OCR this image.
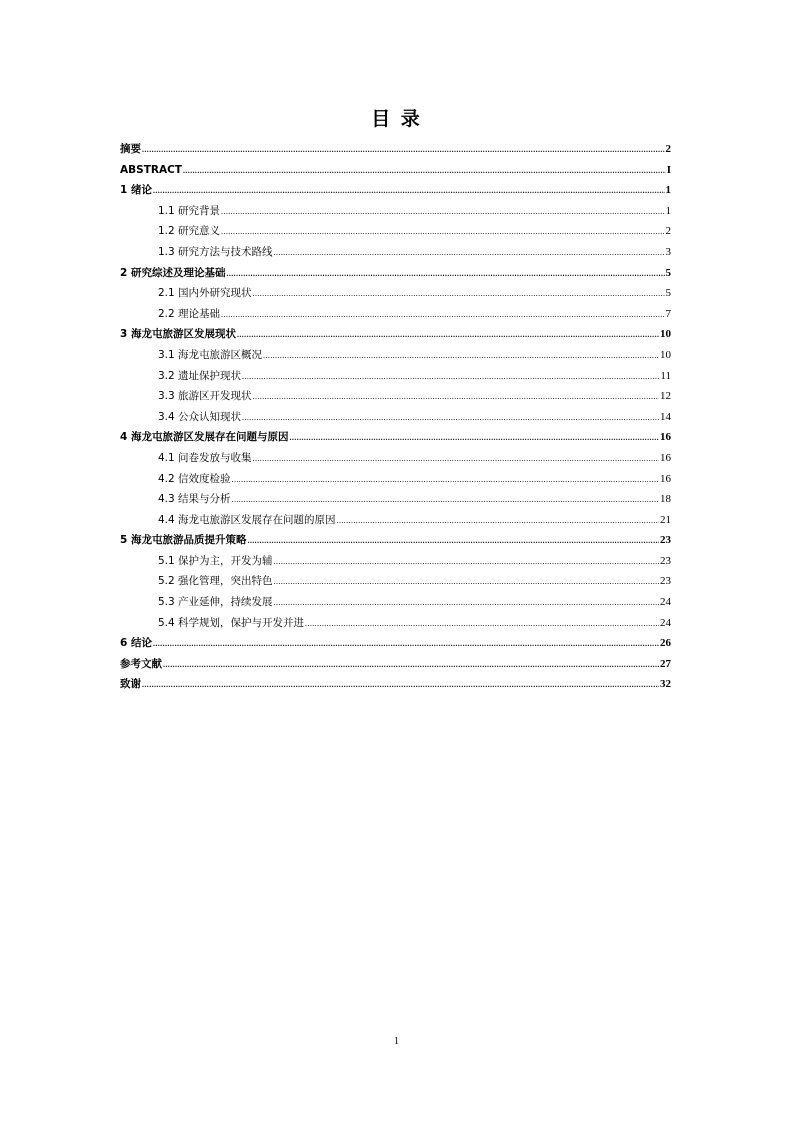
目 录
摘要 .....	2
ABSTRACT .....	I
1 绪论 .....	1
1.1 研究背景 .....	1
1.2 研究意义 .....	2
1.3 研究方法与技术路线 .....	3
2 研究综述及理论基础 .....	5
2.1 国内外研究现状 .....	5
2.2 理论基础 .....	7
3 海龙屯旅游区发展现状 .....	10
3.1 海龙屯旅游区概况 .....	10
3.2 遗址保护现状 .....	11
3.3 旅游区开发现状 .....	12
3.4 公众认知现状 .....	14
4 海龙屯旅游区发展存在问题与原因 .....	16
4.1 问卷发放与收集 .....	16
4.2 信效度检验 .....	16
4.3 结果与分析 .....	18
4.4 海龙屯旅游区发展存在问题的原因 .....	21
5 海龙屯旅游品质提升策略 .....	23
5.1 保护为主，开发为辅 .....	23
5.2 强化管理，突出特色 .....	23
5.3 产业延伸，持续发展 .....	24
5.4 科学规划，保护与开发并进 .....	24
6 结论 .....	26
参考文献 .....	27
致谢 .....	32
1
